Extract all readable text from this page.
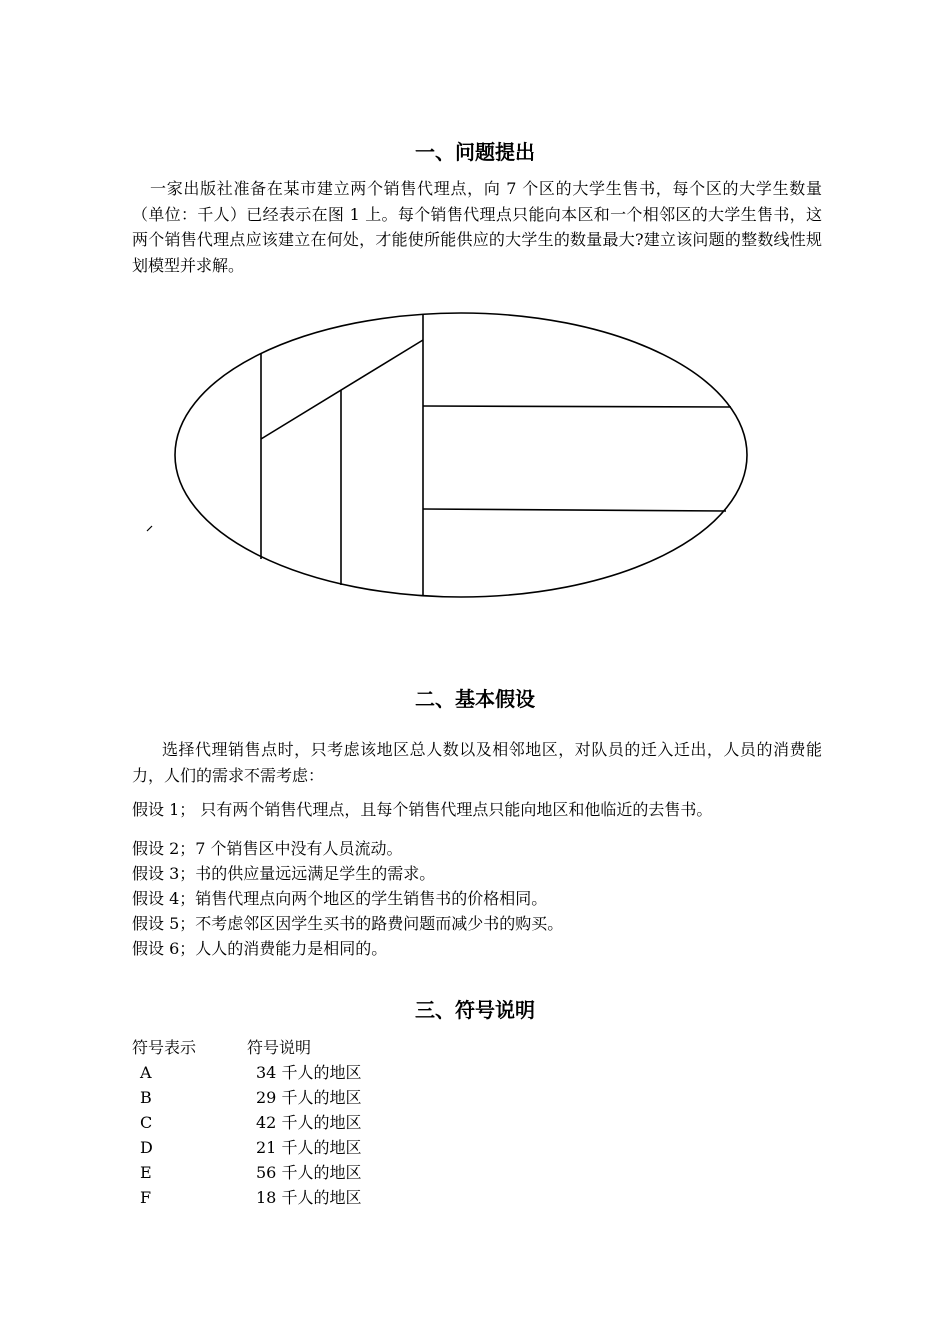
一、问题提出
一家出版社准备在某市建立两个销售代理点，向 7 个区的大学生售书，每个区的大学生数量（单位：千人）已经表示在图 1 上。每个销售代理点只能向本区和一个相邻区的大学生售书，这两个销售代理点应该建立在何处，才能使所能供应的大学生的数量最大?建立该问题的整数线性规划模型并求解。
二、基本假设
选择代理销售点时，只考虑该地区总人数以及相邻地区，对队员的迁入迁出，人员的消费能力，人们的需求不需考虑：
假设 1； 只有两个销售代理点，且每个销售代理点只能向地区和他临近的去售书。
假设 2；7 个销售区中没有人员流动。
假设 3；书的供应量远远满足学生的需求。
假设 4；销售代理点向两个地区的学生销售书的价格相同。
假设 5；不考虑邻区因学生买书的路费问题而减少书的购买。
假设 6；人人的消费能力是相同的。
三、符号说明
符号表示	符号说明
A	34 千人的地区
B	29 千人的地区
C	42 千人的地区
D	21 千人的地区
E	56 千人的地区
F	18 千人的地区
